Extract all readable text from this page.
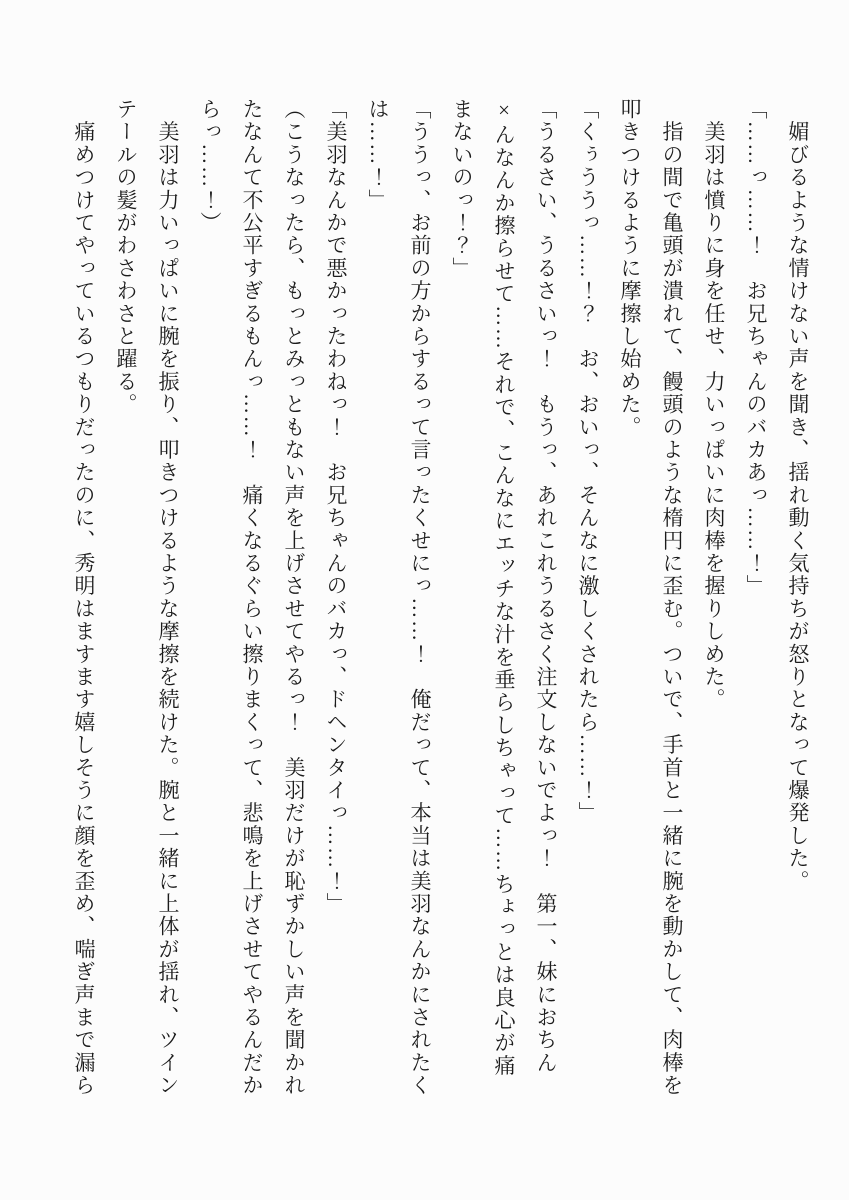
　媚びるような情けない声を聞き、揺れ動く気持ちが怒りとなって爆発した。

「……っ……！　お兄ちゃんのバカあっ……！」

　美羽は憤りに身を任せ、力いっぱいに肉棒を握りしめた。

　指の間で亀頭が潰れて、饅頭のような楕円に歪む。ついで、手首と一緒に腕を動かして、肉棒を叩きつけるように摩擦し始めた。

「くぅううっ……！？　お、おいっ、そんなに激しくされたら……！」

「うるさい、うるさいっ！　もうっ、あれこれうるさく注文しないでよっ！　第一、妹におちん×んなんか擦らせて……それで、こんなにエッチな汁を垂らしちゃって……ちょっとは良心が痛まないのっ！？」

「ううっ、お前の方からするって言ったくせにっ……！　俺だって、本当は美羽なんかにされたくは……！」

「美羽なんかで悪かったわねっ！　お兄ちゃんのバカっ、ドヘンタイっ……！」

（こうなったら、もっとみっともない声を上げさせてやるっ！　美羽だけが恥ずかしい声を聞かれたなんて不公平すぎるもんっ……！　痛くなるぐらい擦りまくって、悲鳴を上げさせてやるんだからっ……！）

　美羽は力いっぱいに腕を振り、叩きつけるような摩擦を続けた。腕と一緒に上体が揺れ、ツインテールの髪がわさわさと躍る。

　痛めつけてやっているつもりだったのに、秀明はますます嬉しそうに顔を歪め、喘ぎ声まで漏ら
